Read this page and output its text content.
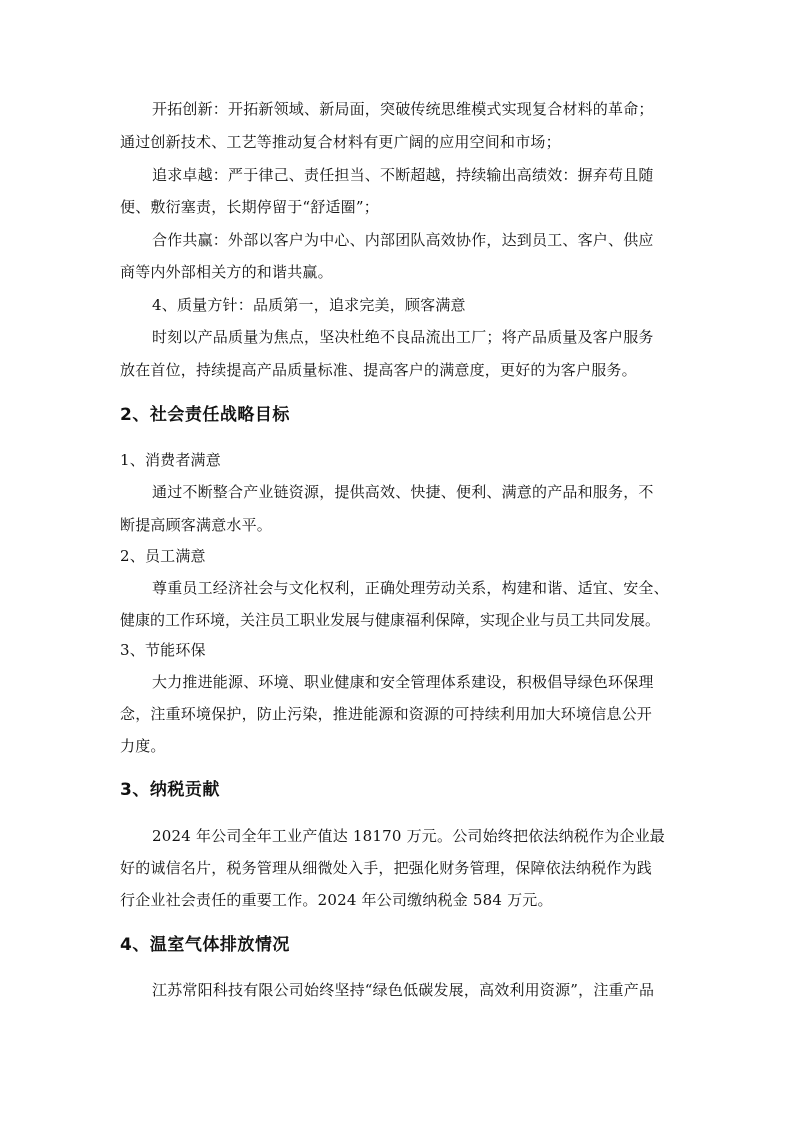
开拓创新：开拓新领域、新局面，突破传统思维模式实现复合材料的革命；
通过创新技术、工艺等推动复合材料有更广阔的应用空间和市场；
追求卓越：严于律己、责任担当、不断超越，持续输出高绩效：摒弃苟且随
便、敷衍塞责，长期停留于“舒适圈”；
合作共赢：外部以客户为中心、内部团队高效协作，达到员工、客户、供应
商等内外部相关方的和谐共赢。
4、质量方针：品质第一，追求完美，顾客满意
时刻以产品质量为焦点，坚决杜绝不良品流出工厂；将产品质量及客户服务
放在首位，持续提高产品质量标准、提高客户的满意度，更好的为客户服务。
2、社会责任战略目标
1、消费者满意
通过不断整合产业链资源，提供高效、快捷、便利、满意的产品和服务，不
断提高顾客满意水平。
2、员工满意
尊重员工经济社会与文化权利，正确处理劳动关系，构建和谐、适宜、安全、
健康的工作环境，关注员工职业发展与健康福利保障，实现企业与员工共同发展。
3、节能环保
大力推进能源、环境、职业健康和安全管理体系建设，积极倡导绿色环保理
念，注重环境保护，防止污染，推进能源和资源的可持续利用加大环境信息公开
力度。
3、纳税贡献
2024 年公司全年工业产值达 18170 万元。公司始终把依法纳税作为企业最
好的诚信名片，税务管理从细微处入手，把强化财务管理，保障依法纳税作为践
行企业社会责任的重要工作。2024 年公司缴纳税金 584 万元。
4、温室气体排放情况
江苏常阳科技有限公司始终坚持“绿色低碳发展，高效利用资源”，注重产品
